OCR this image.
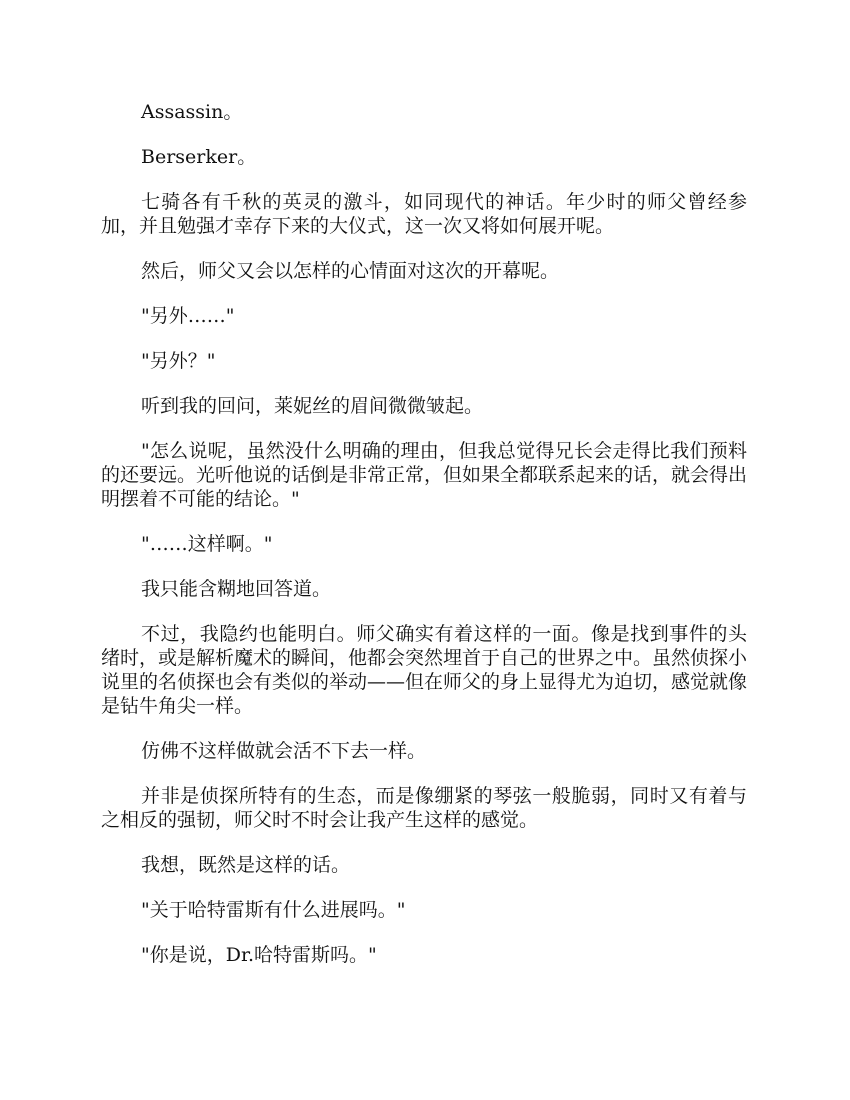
Assassin。

Berserker。

七骑各有千秋的英灵的激斗，如同现代的神话。年少时的师父曾经参加，并且勉强才幸存下来的大仪式，这一次又将如何展开呢。

然后，师父又会以怎样的心情面对这次的开幕呢。

"另外……"

"另外？"

听到我的回问，莱妮丝的眉间微微皱起。

"怎么说呢，虽然没什么明确的理由，但我总觉得兄长会走得比我们预料的还要远。光听他说的话倒是非常正常，但如果全都联系起来的话，就会得出明摆着不可能的结论。"

"……这样啊。"

我只能含糊地回答道。

不过，我隐约也能明白。师父确实有着这样的一面。像是找到事件的头绪时，或是解析魔术的瞬间，他都会突然埋首于自己的世界之中。虽然侦探小说里的名侦探也会有类似的举动——但在师父的身上显得尤为迫切，感觉就像是钻牛角尖一样。

仿佛不这样做就会活不下去一样。

并非是侦探所特有的生态，而是像绷紧的琴弦一般脆弱，同时又有着与之相反的强韧，师父时不时会让我产生这样的感觉。

我想，既然是这样的话。

"关于哈特雷斯有什么进展吗。"

"你是说，Dr.哈特雷斯吗。"
